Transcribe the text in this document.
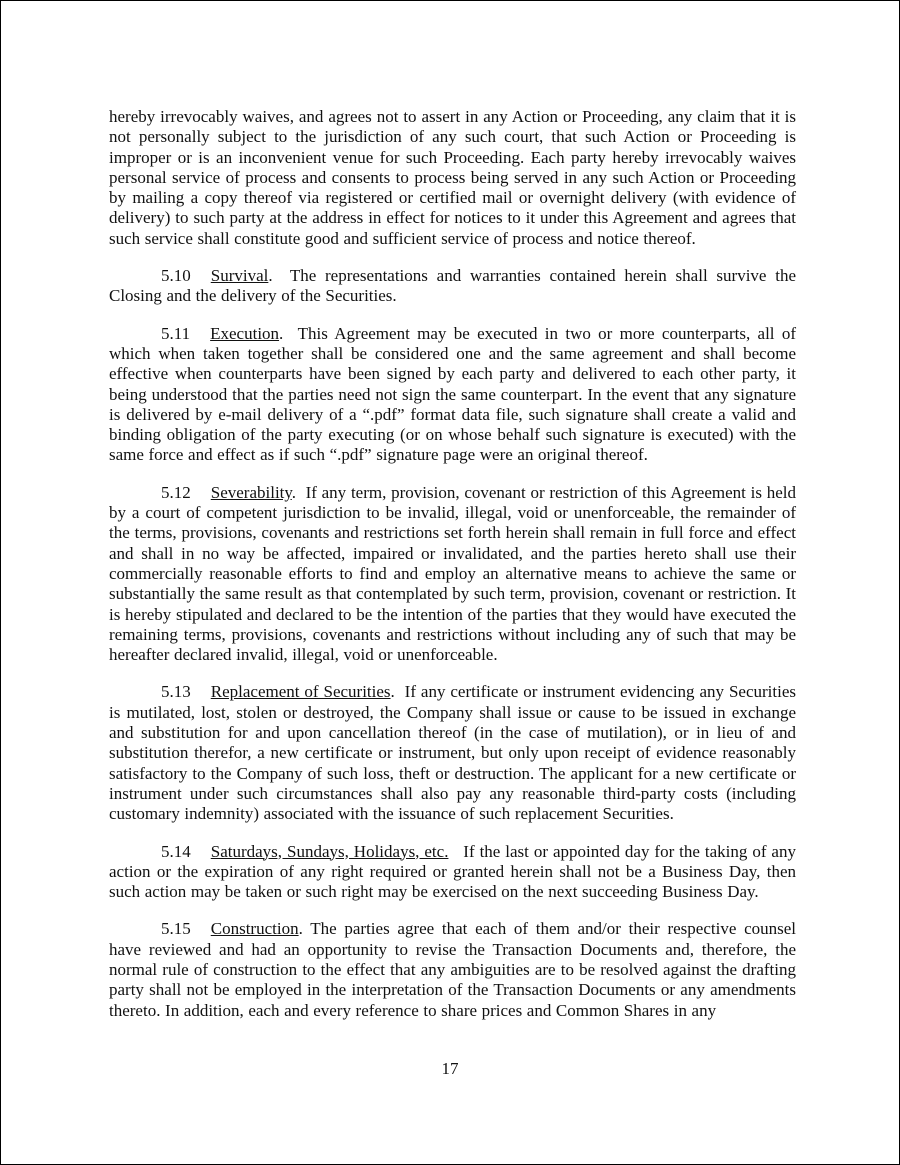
hereby irrevocably waives, and agrees not to assert in any Action or Proceeding, any claim that it is not personally subject to the jurisdiction of any such court, that such Action or Proceeding is improper or is an inconvenient venue for such Proceeding. Each party hereby irrevocably waives personal service of process and consents to process being served in any such Action or Proceeding by mailing a copy thereof via registered or certified mail or overnight delivery (with evidence of delivery) to such party at the address in effect for notices to it under this Agreement and agrees that such service shall constitute good and sufficient service of process and notice thereof.

5.10 Survival.  The representations and warranties contained herein shall survive the Closing and the delivery of the Securities.

5.11 Execution.  This Agreement may be executed in two or more counterparts, all of which when taken together shall be considered one and the same agreement and shall become effective when counterparts have been signed by each party and delivered to each other party, it being understood that the parties need not sign the same counterpart. In the event that any signature is delivered by e-mail delivery of a “.pdf” format data file, such signature shall create a valid and binding obligation of the party executing (or on whose behalf such signature is executed) with the same force and effect as if such “.pdf” signature page were an original thereof.

5.12 Severability.  If any term, provision, covenant or restriction of this Agreement is held by a court of competent jurisdiction to be invalid, illegal, void or unenforceable, the remainder of the terms, provisions, covenants and restrictions set forth herein shall remain in full force and effect and shall in no way be affected, impaired or invalidated, and the parties hereto shall use their commercially reasonable efforts to find and employ an alternative means to achieve the same or substantially the same result as that contemplated by such term, provision, covenant or restriction. It is hereby stipulated and declared to be the intention of the parties that they would have executed the remaining terms, provisions, covenants and restrictions without including any of such that may be hereafter declared invalid, illegal, void or unenforceable.

5.13 Replacement of Securities.  If any certificate or instrument evidencing any Securities is mutilated, lost, stolen or destroyed, the Company shall issue or cause to be issued in exchange and substitution for and upon cancellation thereof (in the case of mutilation), or in lieu of and substitution therefor, a new certificate or instrument, but only upon receipt of evidence reasonably satisfactory to the Company of such loss, theft or destruction. The applicant for a new certificate or instrument under such circumstances shall also pay any reasonable third-party costs (including customary indemnity) associated with the issuance of such replacement Securities.

5.14 Saturdays, Sundays, Holidays, etc. If the last or appointed day for the taking of any action or the expiration of any right required or granted herein shall not be a Business Day, then such action may be taken or such right may be exercised on the next succeeding Business Day.

5.15 Construction. The parties agree that each of them and/or their respective counsel have reviewed and had an opportunity to revise the Transaction Documents and, therefore, the normal rule of construction to the effect that any ambiguities are to be resolved against the drafting party shall not be employed in the interpretation of the Transaction Documents or any amendments thereto. In addition, each and every reference to share prices and Common Shares in any

17
